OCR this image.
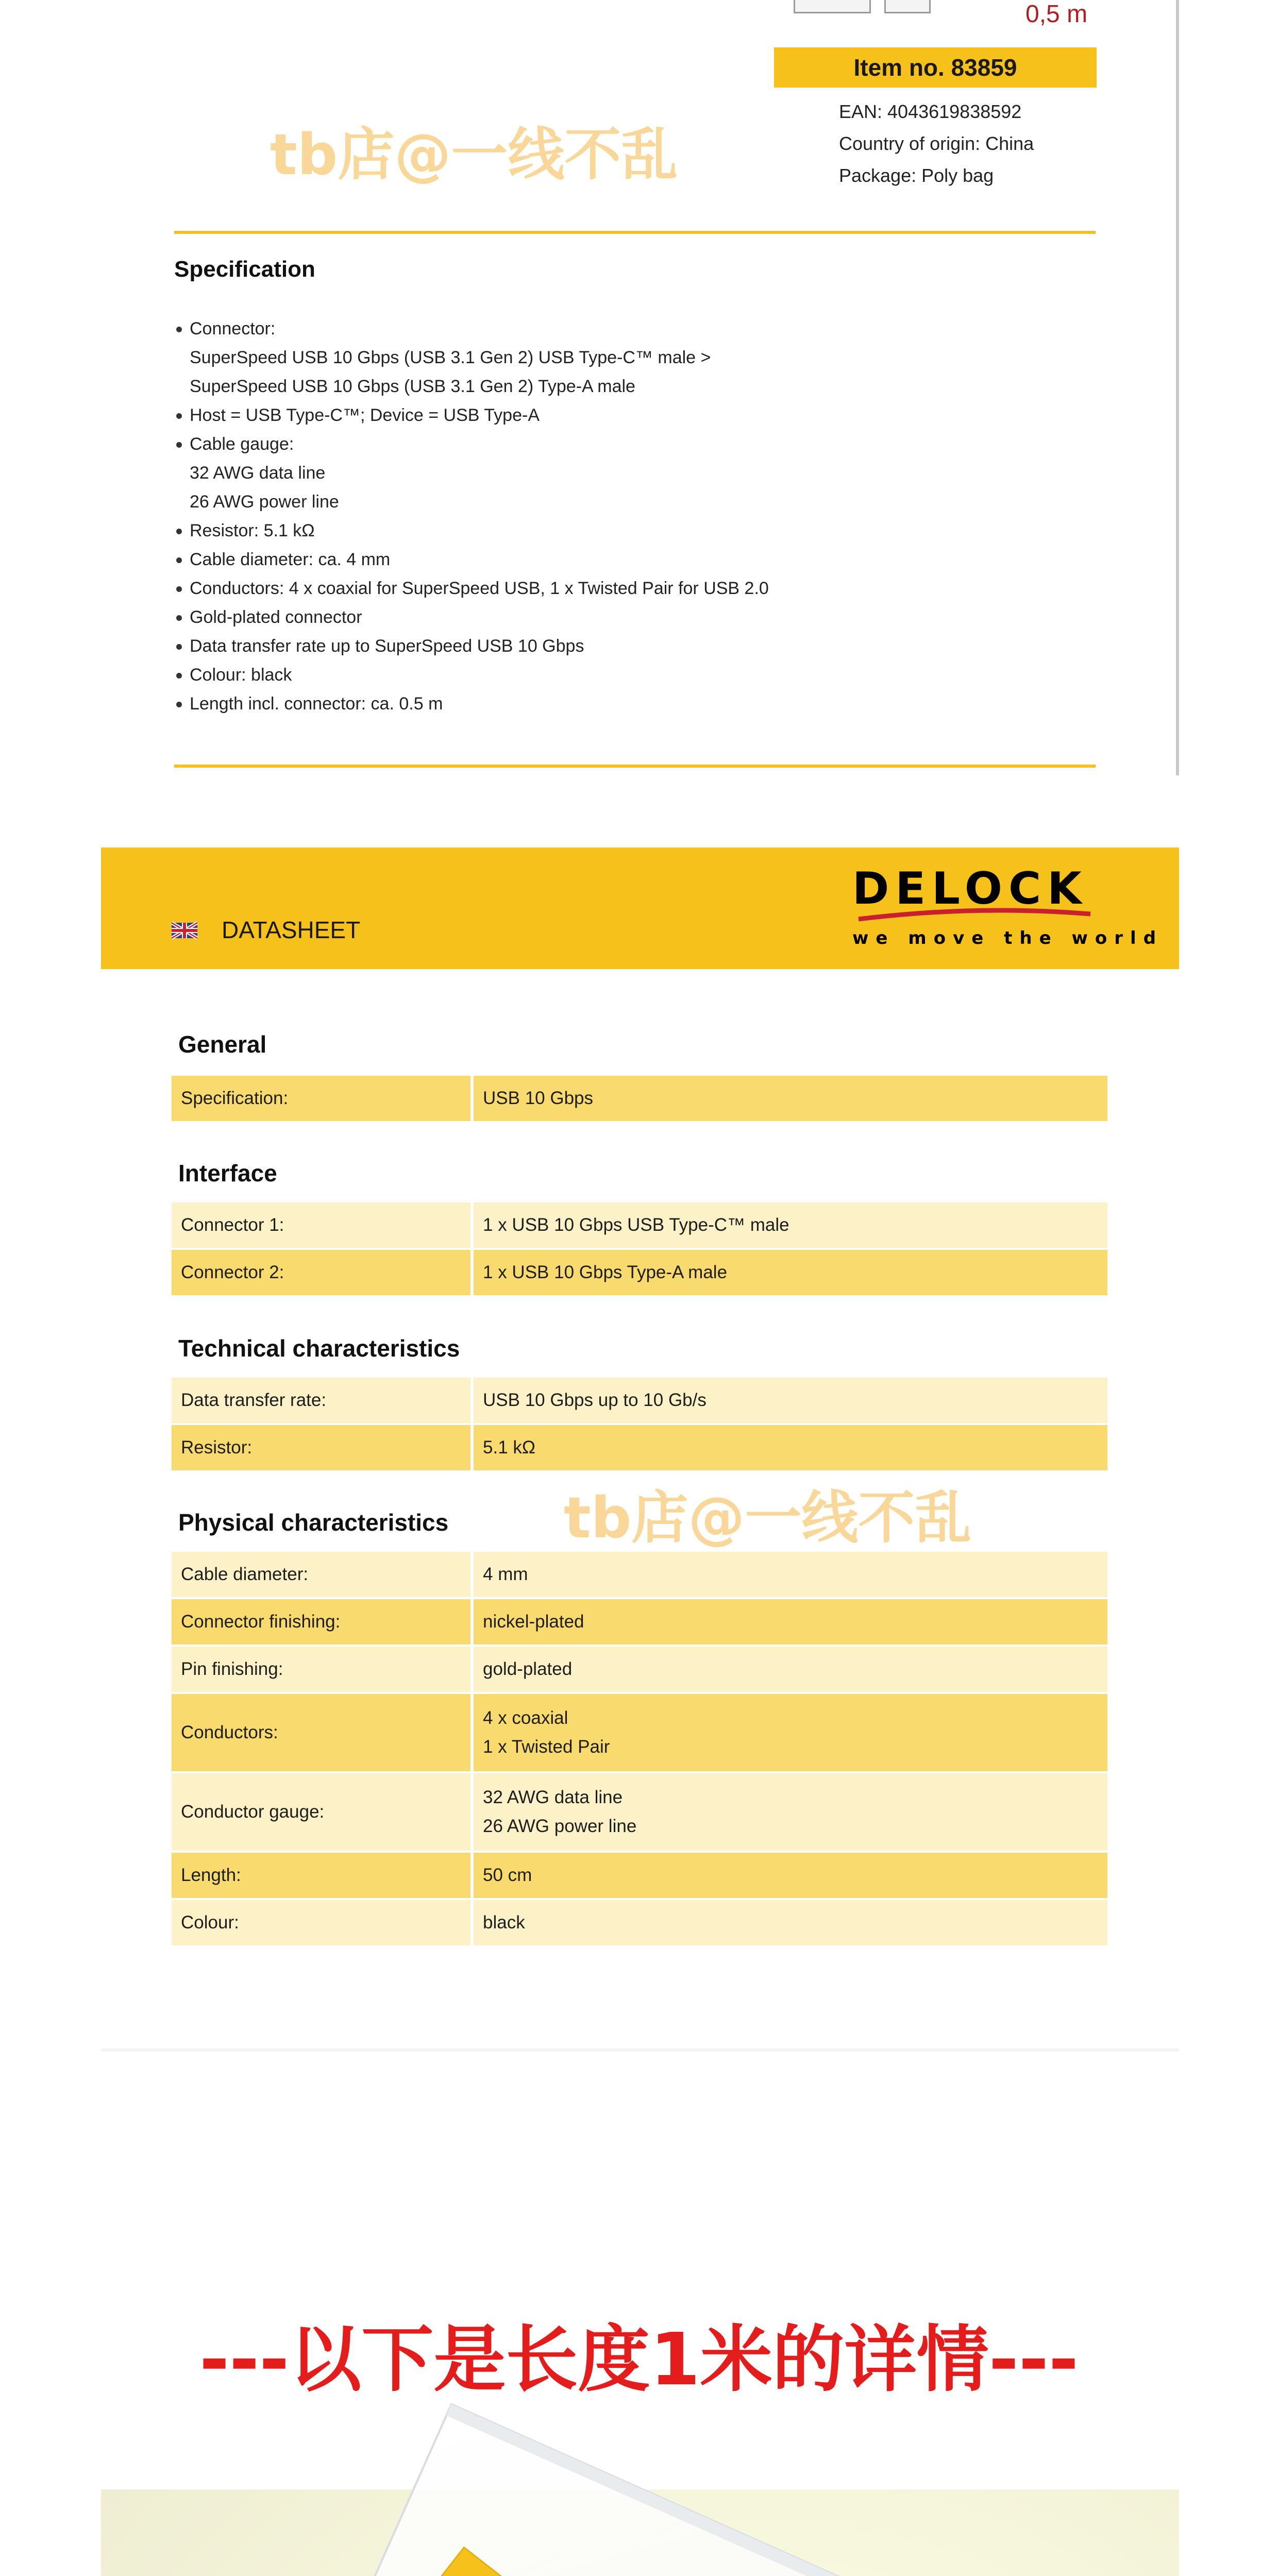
0,5 m
Item no. 83859
EAN: 4043619838592
Country of origin: China
Package: Poly bag
tb店@一线不乱
Specification
Connector:
SuperSpeed USB 10 Gbps (USB 3.1 Gen 2) USB Type-C™ male >
SuperSpeed USB 10 Gbps (USB 3.1 Gen 2) Type-A male
Host = USB Type-C™; Device = USB Type-A
Cable gauge:
32 AWG data line
26 AWG power line
Resistor: 5.1 kΩ
Cable diameter: ca. 4 mm
Conductors: 4 x coaxial for SuperSpeed USB, 1 x Twisted Pair for USB 2.0
Gold-plated connector
Data transfer rate up to SuperSpeed USB 10 Gbps
Colour: black
Length incl. connector: ca. 0.5 m
DATASHEET
DELOCK
we move the world
General
Specification:	USB 10 Gbps
Interface
Connector 1:	1 x USB 10 Gbps USB Type-C™ male

Connector 2:	1 x USB 10 Gbps Type-A male
Technical characteristics
Data transfer rate:	USB 10 Gbps up to 10 Gb/s

Resistor:	5.1 kΩ
Physical characteristics
Cable diameter:	4 mm

Connector finishing:	nickel-plated

Pin finishing:	gold-plated

Conductors:	4 x coaxial
1 x Twisted Pair

Conductor gauge:	32 AWG data line
26 AWG power line

Length:	50 cm

Colour:	black
tb店@一线不乱
---以下是长度1米的详情---
